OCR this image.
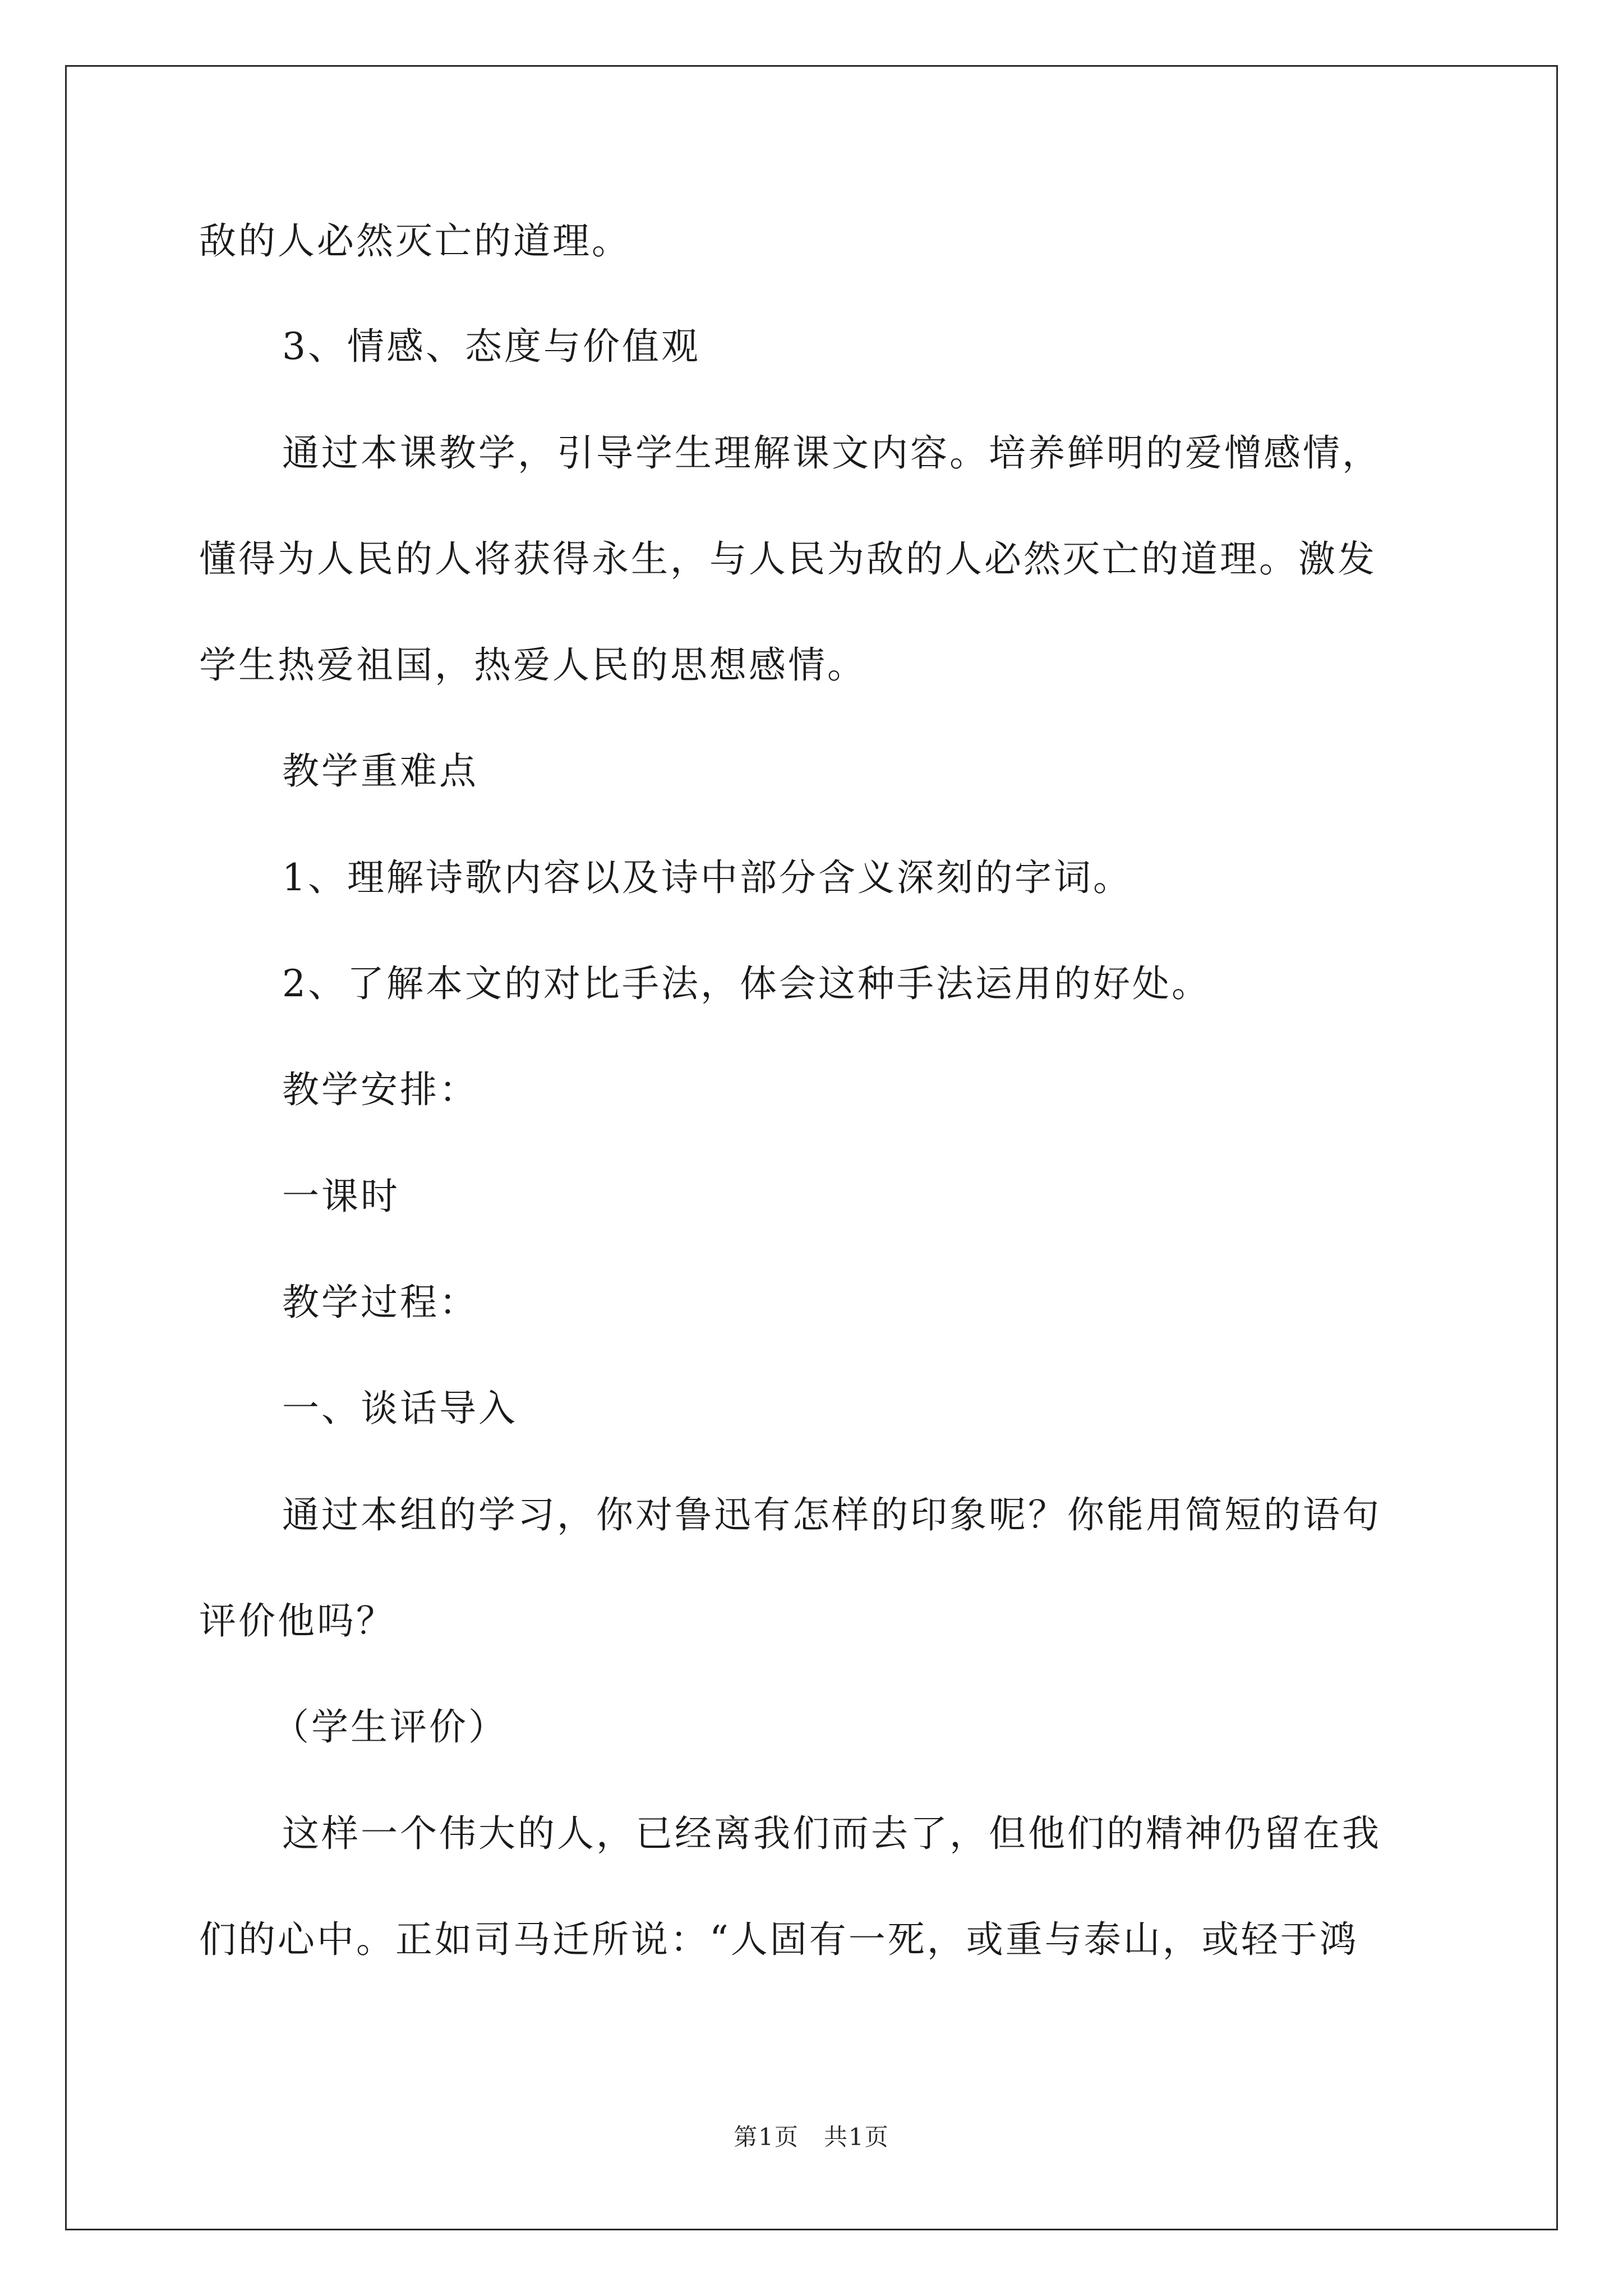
敌的人必然灭亡的道理。
3、情感、态度与价值观
通过本课教学，引导学生理解课文内容。培养鲜明的爱憎感情，
懂得为人民的人将获得永生，与人民为敌的人必然灭亡的道理。激发
学生热爱祖国，热爱人民的思想感情。
教学重难点
1、理解诗歌内容以及诗中部分含义深刻的字词。
2、了解本文的对比手法，体会这种手法运用的好处。
教学安排：
一课时
教学过程：
一、谈话导入
通过本组的学习，你对鲁迅有怎样的印象呢？你能用简短的语句
评价他吗？
（学生评价）
这样一个伟大的人，已经离我们而去了，但他们的精神仍留在我
们的心中。正如司马迁所说：“人固有一死，或重与泰山，或轻于鸿
第1页　共1页
